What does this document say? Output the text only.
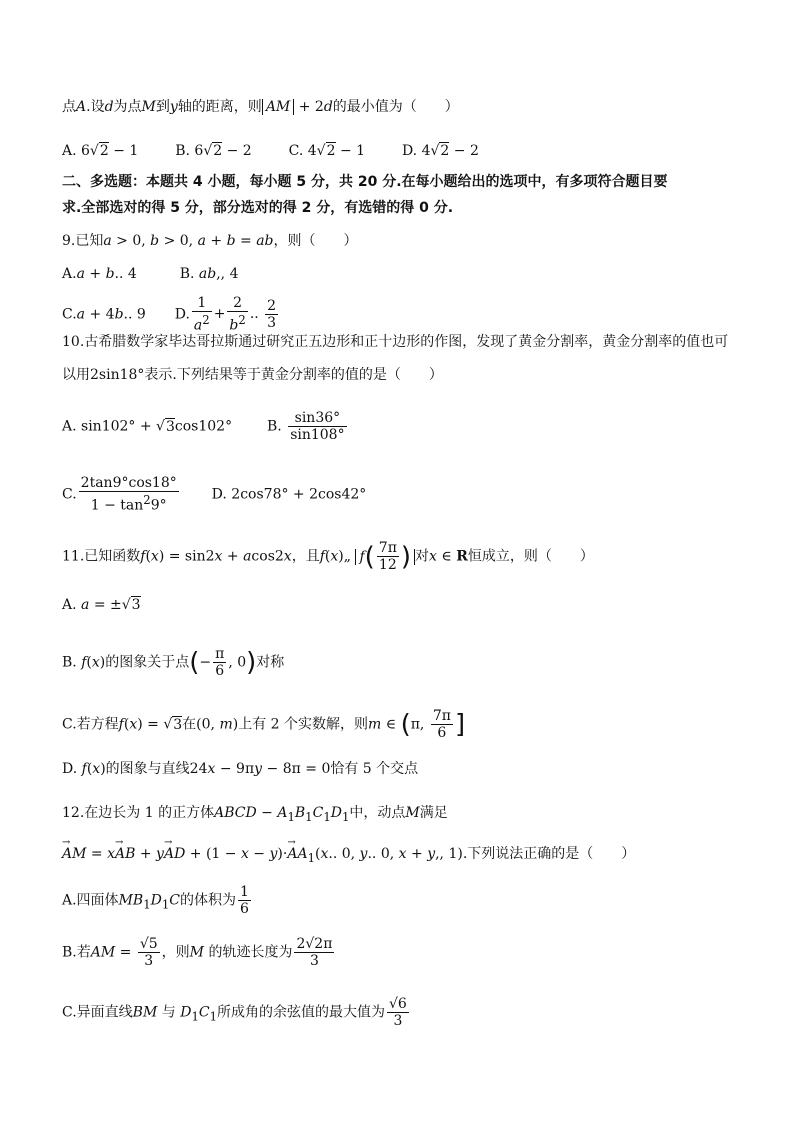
点A.设d为点M到y轴的距离，则 AM + 2d的最小值为（　　）
A. 6√2 − 1	B. 6√2 − 2	C. 4√2 − 1	D. 4√2 − 2
二、多选题：本题共 4 小题，每小题 5 分，共 20 分.在每小题给出的选项中，有多项符合题目要
求.全部选对的得 5 分，部分选对的得 2 分，有选错的得 0 分.
9.已知a > 0, b > 0, a + b = ab，则（　　）
A.a + b.. 4	B. ab,, 4
C.a + 4b.. 9 D. $\frac{1}{a^2} + \frac{2}{b^2}$ .. $\frac{2}{3}$
10.古希腊数学家毕达哥拉斯通过研究正五边形和正十边形的作图，发现了黄金分割率，黄金分割率的值也可
以用2sin18°表示.下列结果等于黄金分割率的值的是（　　）
A. sin102° + √3cos102° B. $\frac{\sin 36^\circ}{\sin 108^\circ}$
C. $\frac{2\tan 9^\circ\cos 18^\circ}{1 - \tan^29^\circ} D$. 2cos78° + 2cos42°
11.已知函数f(x) = sin2x + acos2x，且f(x)„ $f( \frac{7\pi}{12}$ ) 对x ∈ R恒成立，则（　　）
A. a = ±√3
B. f(x)的图象关于点(− $\frac{\pi}{6}$ , 0)对称
C.若方程f(x) = √3在(0, m)上有 2 个实数解，则m ∈ (π, $\frac{7\pi}{6}$ ]
D. f(x)的图象与直线24x − 9πy − 8π = 0恰有 5 个交点
12.在边长为 1 的正方体ABCD − $A_1B_1C_1D_1$中，动点M满足
→ AM = x→ AB + y→ AD + $(1 - x - y)\cdot\to AA_1(x$.. 0, y.. 0, x + y,, 1).下列说法正确的是（　　）
A.四面体$MB_1D_1C$的体积为 $\frac{1}{6}$
B.若AM = $\frac{√5}{3}$ ，则M 的轨迹长度为 $\frac{2√2\pi}{3}$
C.异面直线BM 与 $D_1C_1$所成角的余弦值的最大值为 $\frac{√6}{3}$
